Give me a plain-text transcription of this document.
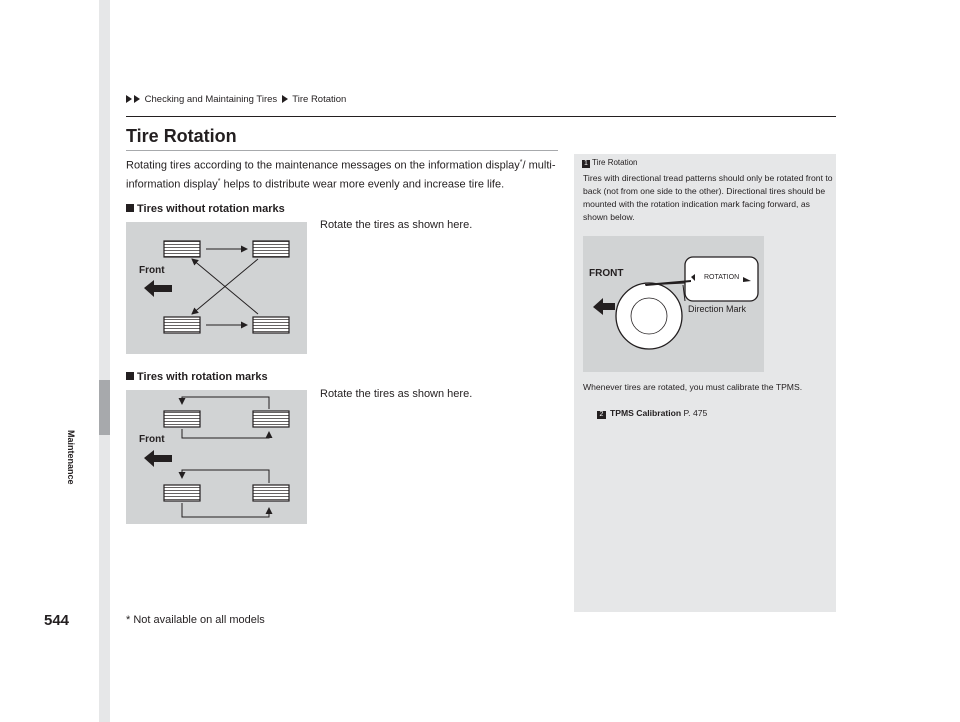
Maintenance
544
Checking and Maintaining Tires Tire Rotation
Tire Rotation
Rotating tires according to the maintenance messages on the information display*/ multi-information display* helps to distribute wear more evenly and increase tire life.
Tires without rotation marks
Rotate the tires as shown here.
Front
Tires with rotation marks
Rotate the tires as shown here.
Front
1 Tire Rotation
Tires with directional tread patterns should only be rotated front to back (not from one side to the other). Directional tires should be mounted with the rotation indication mark facing forward, as shown below.
FRONT	ROTATION
Direction Mark
Whenever tires are rotated, you must calibrate the TPMS.
2 TPMS Calibration P. 475
* Not available on all models
